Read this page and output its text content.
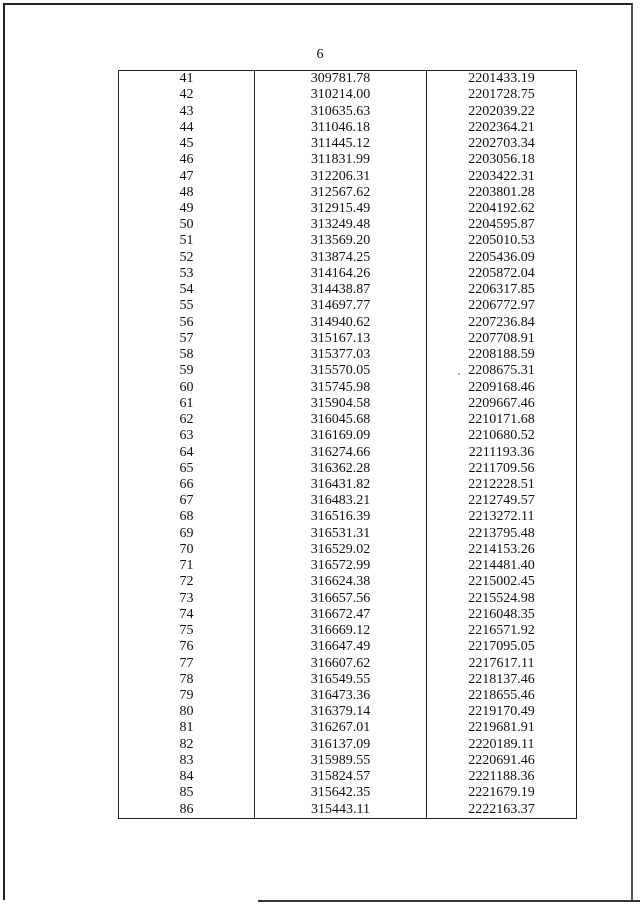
6
41	309781.78	2201433.19
42	310214.00	2201728.75
43	310635.63	2202039.22
44	311046.18	2202364.21
45	311445.12	2202703.34
46	311831.99	2203056.18
47	312206.31	2203422.31
48	312567.62	2203801.28
49	312915.49	2204192.62
50	313249.48	2204595.87
51	313569.20	2205010.53
52	313874.25	2205436.09
53	314164.26	2205872.04
54	314438.87	2206317.85
55	314697.77	2206772.97
56	314940.62	2207236.84
57	315167.13	2207708.91
58	315377.03	2208188.59
59	315570.05	2208675.31
60	315745.98	2209168.46
61	315904.58	2209667.46
62	316045.68	2210171.68
63	316169.09	2210680.52
64	316274.66	2211193.36
65	316362.28	2211709.56
66	316431.82	2212228.51
67	316483.21	2212749.57
68	316516.39	2213272.11
69	316531.31	2213795.48
70	316529.02	2214153.26
71	316572.99	2214481.40
72	316624.38	2215002.45
73	316657.56	2215524.98
74	316672.47	2216048.35
75	316669.12	2216571.92
76	316647.49	2217095.05
77	316607.62	2217617.11
78	316549.55	2218137.46
79	316473.36	2218655.46
80	316379.14	2219170.49
81	316267.01	2219681.91
82	316137.09	2220189.11
83	315989.55	2220691.46
84	315824.57	2221188.36
85	315642.35	2221679.19
86	315443.11	2222163.37
